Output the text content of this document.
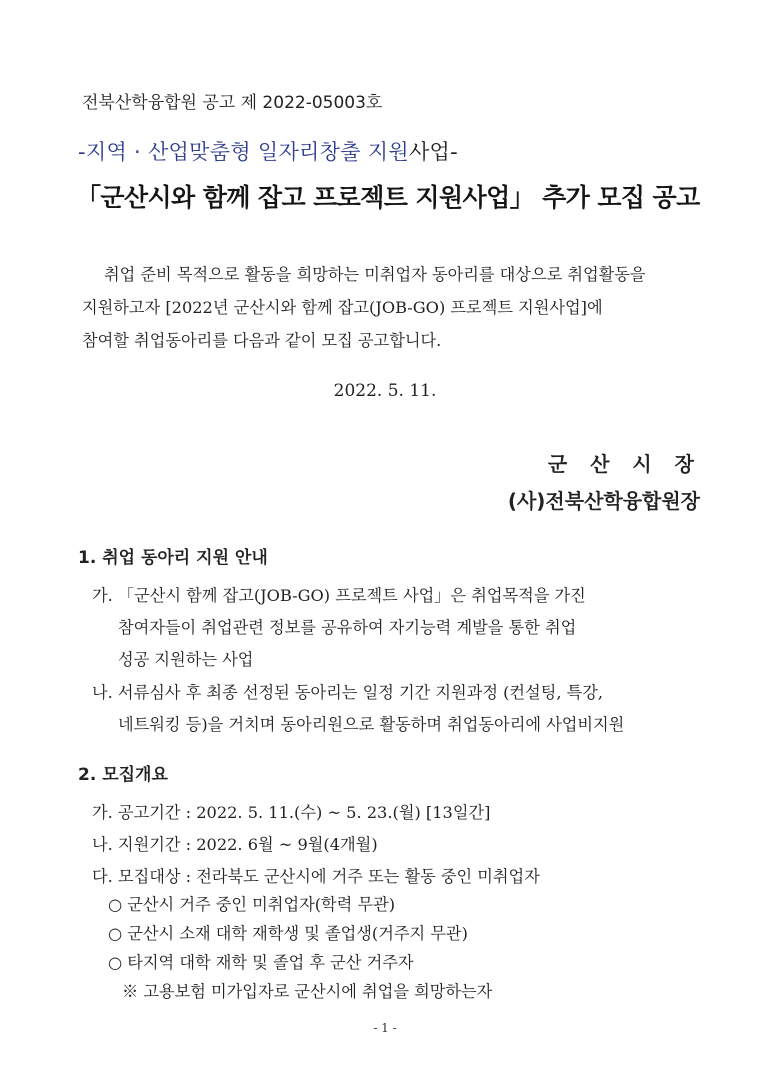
전북산학융합원 공고 제 2022-05003호
-지역 · 산업맞춤형 일자리창출 지원사업-
「군산시와 함께 잡고 프로젝트 지원사업」 추가 모집 공고
취업 준비 목적으로 활동을 희망하는 미취업자 동아리를 대상으로 취업활동을
지원하고자 [2022년 군산시와 함께 잡고(JOB-GO) 프로젝트 지원사업]에
참여할 취업동아리를 다음과 같이 모집 공고합니다.
2022. 5. 11.
군 산 시 장
(사)전북산학융합원장
1. 취업 동아리 지원 안내
가. 「군산시 함께 잡고(JOB-GO) 프로젝트 사업」은 취업목적을 가진
참여자들이 취업관련 정보를 공유하여 자기능력 계발을 통한 취업
성공 지원하는 사업
나. 서류심사 후 최종 선정된 동아리는 일정 기간 지원과정 (컨설팅, 특강,
네트워킹 등)을 거치며 동아리원으로 활동하며 취업동아리에 사업비지원
2. 모집개요
가. 공고기간 : 2022. 5. 11.(수) ~ 5. 23.(월) [13일간]
나. 지원기간 : 2022. 6월 ~ 9월(4개월)
다. 모집대상 : 전라북도 군산시에 거주 또는 활동 중인 미취업자
○ 군산시 거주 중인 미취업자(학력 무관)
○ 군산시 소재 대학 재학생 및 졸업생(거주지 무관)
○ 타지역 대학 재학 및 졸업 후 군산 거주자
※ 고용보험 미가입자로 군산시에 취업을 희망하는자
- 1 -
